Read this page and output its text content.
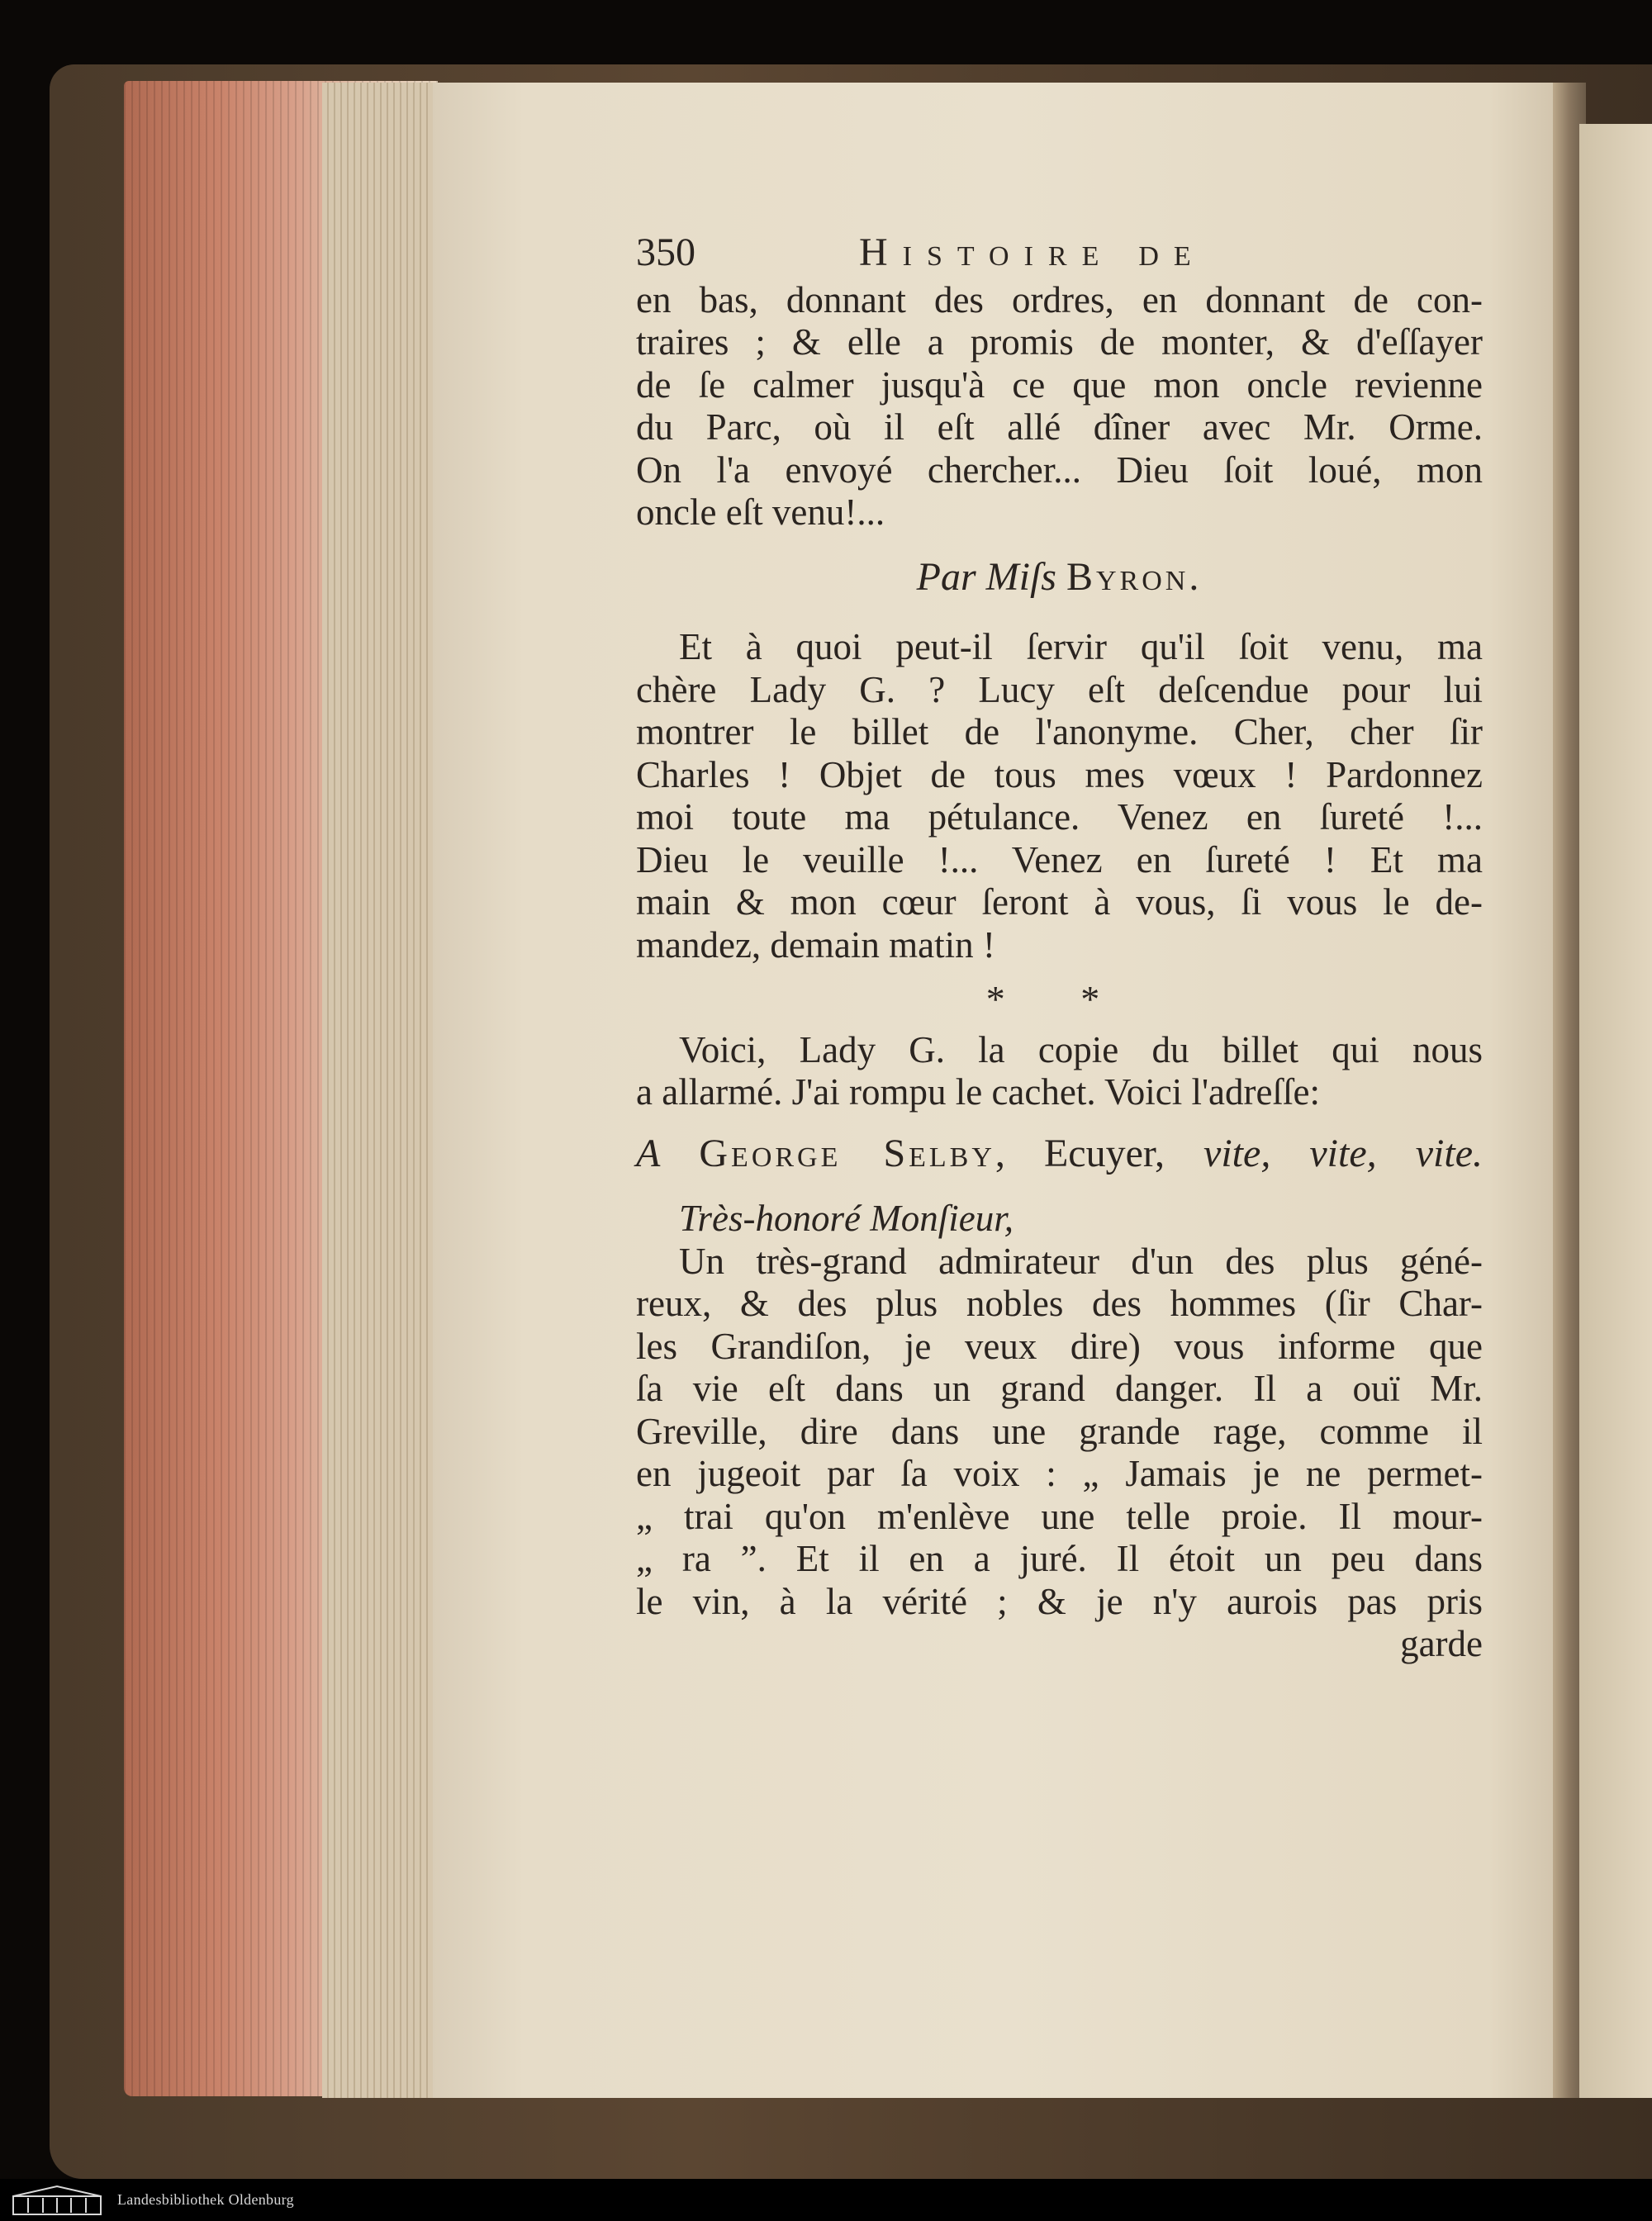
350	Histoire de

en bas, donnant des ordres, en donnant de con-

traires ; & elle a promis de monter, & d'eſſayer

de ſe calmer jusqu'à ce que mon oncle revienne

du Parc, où il eſt allé dîner avec Mr. Orme.

On l'a envoyé chercher... Dieu ſoit loué, mon

oncle eſt venu!...

Par Miſs Byron.

Et à quoi peut-il ſervir qu'il ſoit venu, ma

chère Lady G. ? Lucy eſt deſcendue pour lui

montrer le billet de l'anonyme. Cher, cher ſir

Charles ! Objet de tous mes vœux ! Pardonnez

moi toute ma pétulance. Venez en ſureté !...

Dieu le veuille !... Venez en ſureté ! Et ma

main & mon cœur ſeront à vous, ſi vous le de-

mandez, demain matin !

* *

Voici, Lady G. la copie du billet qui nous

a allarmé. J'ai rompu le cachet. Voici l'adreſſe:

A George Selby, Ecuyer, vite, vite, vite.

Très-honoré Monſieur,

Un très-grand admirateur d'un des plus géné-

reux, & des plus nobles des hommes (ſir Char-

les Grandiſon, je veux dire) vous informe que

ſa vie eſt dans un grand danger. Il a ouï Mr.

Greville, dire dans une grande rage, comme il

en jugeoit par ſa voix : „ Jamais je ne permet-

„ trai qu'on m'enlève une telle proie. Il mour-

„ ra ”. Et il en a juré. Il étoit un peu dans

le vin, à la vérité ; & je n'y aurois pas pris

garde

Landesbibliothek Oldenburg
